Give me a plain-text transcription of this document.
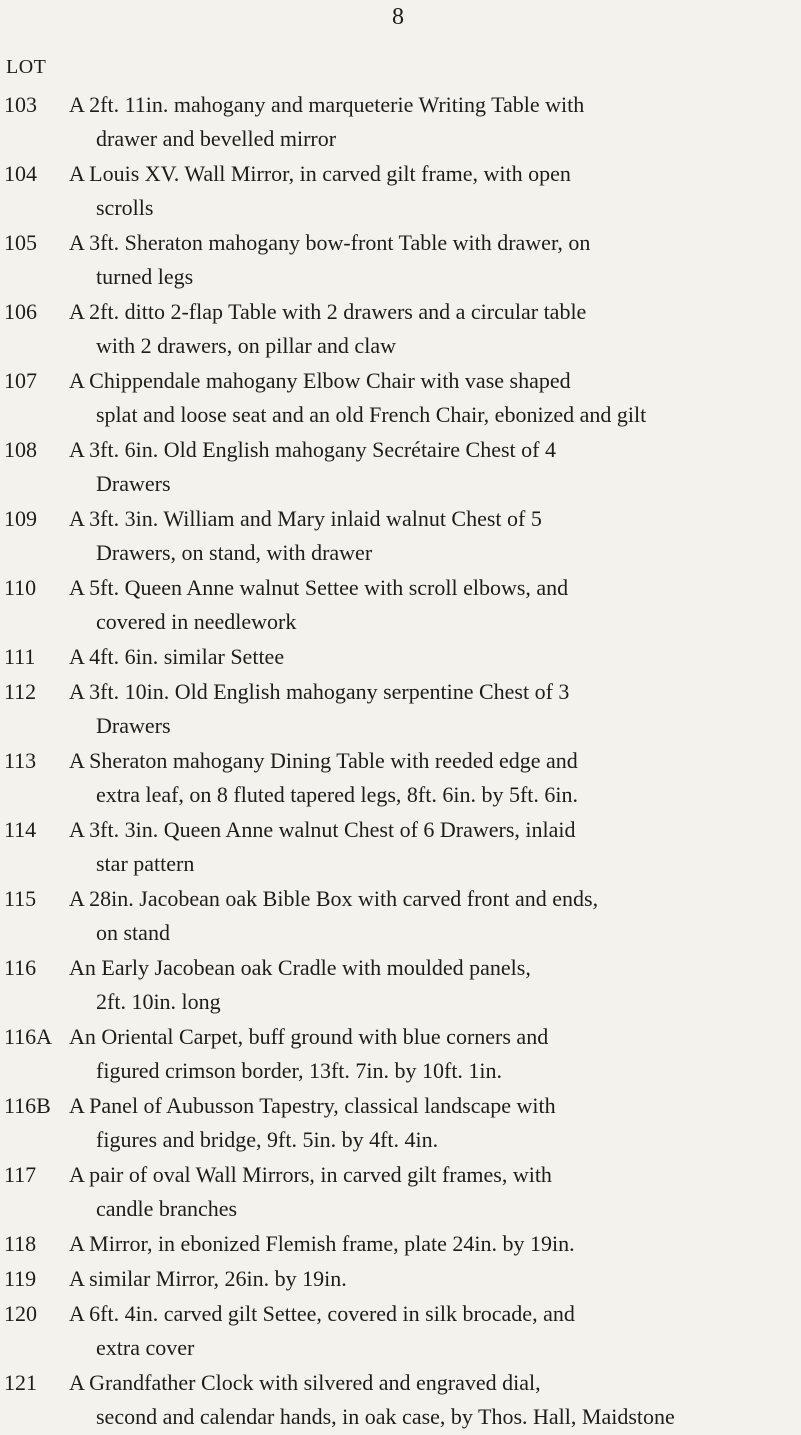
8
LOT
103	A 2ft. 11in. mahogany and marqueterie Writing Table with
drawer and bevelled mirror
104	A Louis XV. Wall Mirror, in carved gilt frame, with open
scrolls
105	A 3ft. Sheraton mahogany bow-front Table with drawer, on
turned legs
106	A 2ft. ditto 2-flap Table with 2 drawers and a circular table
with 2 drawers, on pillar and claw
107	A Chippendale mahogany Elbow Chair with vase shaped
splat and loose seat and an old French Chair, ebonized and gilt
108	A 3ft. 6in. Old English mahogany Secrétaire Chest of 4
Drawers
109	A 3ft. 3in. William and Mary inlaid walnut Chest of 5
Drawers, on stand, with drawer
110	A 5ft. Queen Anne walnut Settee with scroll elbows, and
covered in needlework
111	A 4ft. 6in. similar Settee
112	A 3ft. 10in. Old English mahogany serpentine Chest of 3
Drawers
113	A Sheraton mahogany Dining Table with reeded edge and
extra leaf, on 8 fluted tapered legs, 8ft. 6in. by 5ft. 6in.
114	A 3ft. 3in. Queen Anne walnut Chest of 6 Drawers, inlaid
star pattern
115	A 28in. Jacobean oak Bible Box with carved front and ends,
on stand
116	An Early Jacobean oak Cradle with moulded panels,
2ft. 10in. long
116A An Oriental Carpet, buff ground with blue corners and
figured crimson border, 13ft. 7in. by 10ft. 1in.
116B A Panel of Aubusson Tapestry, classical landscape with
figures and bridge, 9ft. 5in. by 4ft. 4in.
117	A pair of oval Wall Mirrors, in carved gilt frames, with
candle branches
118	A Mirror, in ebonized Flemish frame, plate 24in. by 19in.
119	A similar Mirror, 26in. by 19in.
120	A 6ft. 4in. carved gilt Settee, covered in silk brocade, and
extra cover
121	A Grandfather Clock with silvered and engraved dial,
second and calendar hands, in oak case, by Thos. Hall, Maidstone
